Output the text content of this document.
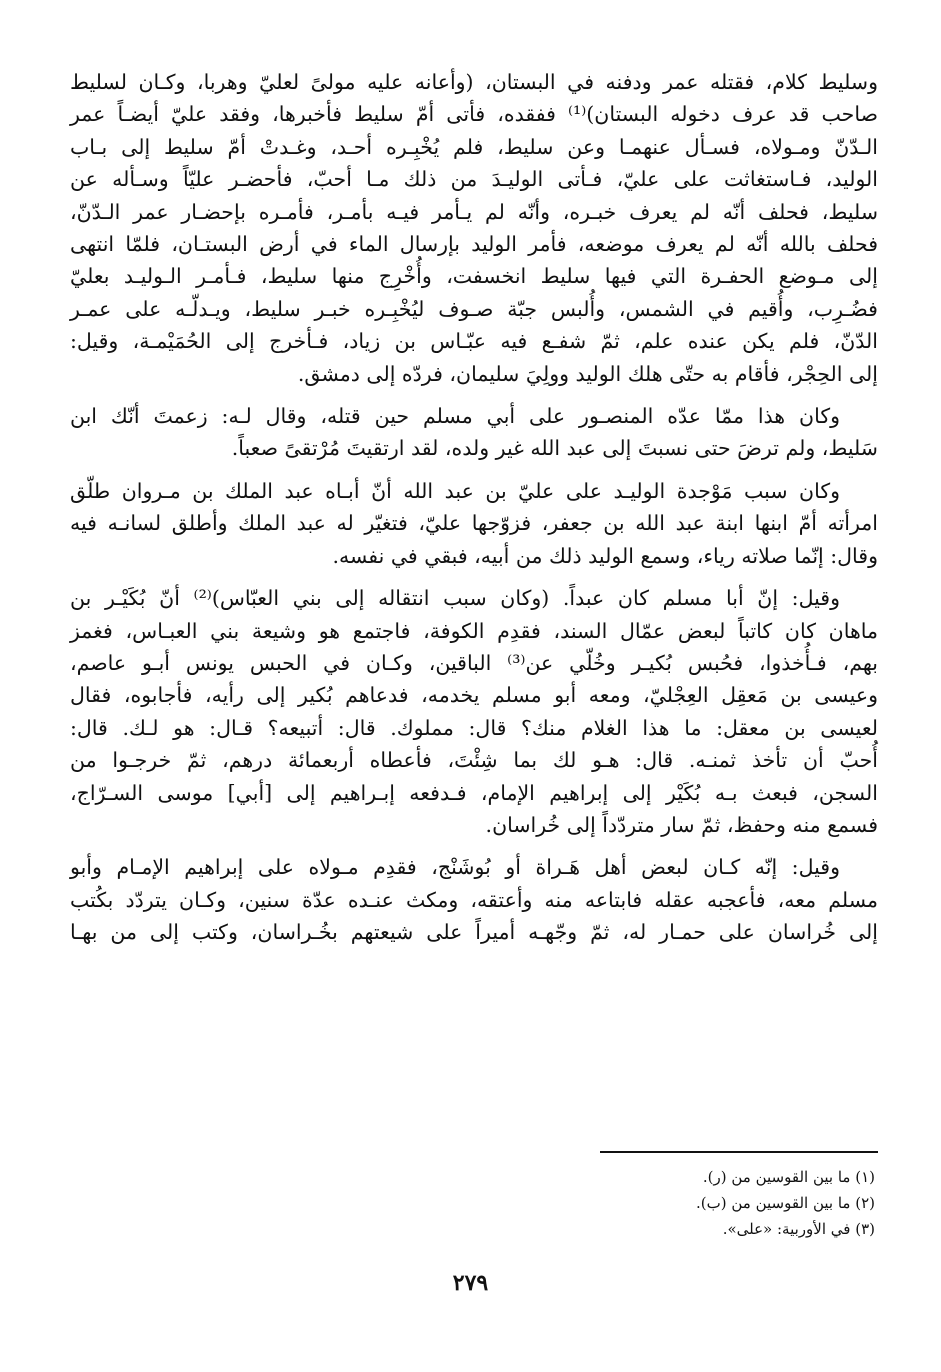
وسليط كلام، فقتله عمر ودفنه في البستان، (وأعانه عليه مولىً لعليّ وهربا، وكـان لسليط
صاحب قد عرف دخوله البستان)⁽¹⁾ ففقده، فأتى أمّ سليط فأخبرها، وفقد عليّ أيضـاً عمر
الـدّنّ ومـولاه، فسـأل عنهمـا وعن سليط، فلم يُخْبِـره أحـد، وغـدتْ أمّ سليط إلى بـاب
الوليد، فـاستغاثت على عليّ، فـأتى الوليـدَ من ذلك مـا أحبّ، فأحضـر عليّاً وسـأله عن
سليط، فحلف أنّه لم يعرف خبـره، وأنّه لم يـأمر فيـه بأمـر، فأمـره بإحضـار عمر الـدّنّ،
فحلف بالله أنّه لم يعرف موضعه، فأمر الوليد بإرسال الماء في أرض البستـان، فلمّا انتهى
إلى مـوضع الحفـرة التي فيها سليط انخسفت، وأُخْرِج منها سليط، فـأمـر الـوليـد بعليّ
فضُـرِب، وأُقيم في الشمس، وأُلبس جبّة صـوف ليُخْبِـره خبـر سليط، ويـدلّـه على عمـر
الدّنّ، فلم يكن عنده علم، ثمّ شفـع فيه عبّـاس بن زياد، فـأخرج إلى الحُمَيْمـة، وقيل:
إلى الحِجْر، فأقام به حتّى هلك الوليد وولِيَ سليمان، فردّه إلى دمشق.

وكان هذا ممّا عدّه المنصـور على أبي مسلم حين قتله، وقال لـه: زعمتَ أنّك ابن
سَليط، ولم ترضَ حتى نسبتَ إلى عبد الله غير ولده، لقد ارتقيتَ مُرْتقىً صعباً.

وكان سبب مَوْجدة الوليـد على عليّ بن عبد الله أنّ أبـاه عبد الملك بن مـروان طلّق
امرأته أمّ ابنها ابنة عبد الله بن جعفر، فزوّجها عليّ، فتغيّر له عبد الملك وأطلق لسانـه فيه
وقال: إنّما صلاته رياء، وسمع الوليد ذلك من أبيه، فبقي في نفسه.

وقيل: إنّ أبا مسلم كان عبداً. (وكان سبب انتقاله إلى بني العبّاس)⁽²⁾ أنّ بُكَيْـر بن
ماهان كان كاتباً لبعض عمّال السند، فقدِم الكوفة، فاجتمع هو وشيعة بني العبـاس، فغمز
بهم، فـأُخذوا، فحُبس بُكيـر وخُلّي عن⁽³⁾ الباقين، وكـان في الحبس يونس أبـو عاصم،
وعيسى بن مَعقِل العِجْليّ، ومعه أبو مسلم يخدمه، فدعاهم بُكير إلى رأيه، فأجابوه، فقال
لعيسى بن معقل: ما هذا الغلام منك؟ قال: مملوك. قال: أتبيعه؟ قـال: هو لـك. قال:
أُحبّ أن تأخذ ثمنـه. قال: هـو لك بما شِئْتَ، فأعطاه أربعمائة درهم، ثمّ خرجـوا من
السجن، فبعث بـه بُكَيْر إلى إبراهيم الإمام، فـدفعه إبـراهيم إلى [أبي] موسى السـرّاج،
فسمع منه وحفظ، ثمّ سار متردّداً إلى خُراسان.

وقيل: إنّه كـان لبعض أهل هَـراة أو بُوشَنْج، فقدِم مـولاه على إبراهيم الإمـام وأبو
مسلم معه، فأعجبه عقله فابتاعه منه وأعتقه، ومكث عنـده عدّة سنين، وكـان يتردّد بكُتب
إلى خُراسان على حمـار له، ثمّ وجّهـه أميراً على شيعتهم بخُـراسان، وكتب إلى من بهـا

(١) ما بين القوسين من (ر).
(٢) ما بين القوسين من (ب).
(٣) في الأوربية: «على».
٢٧٩
